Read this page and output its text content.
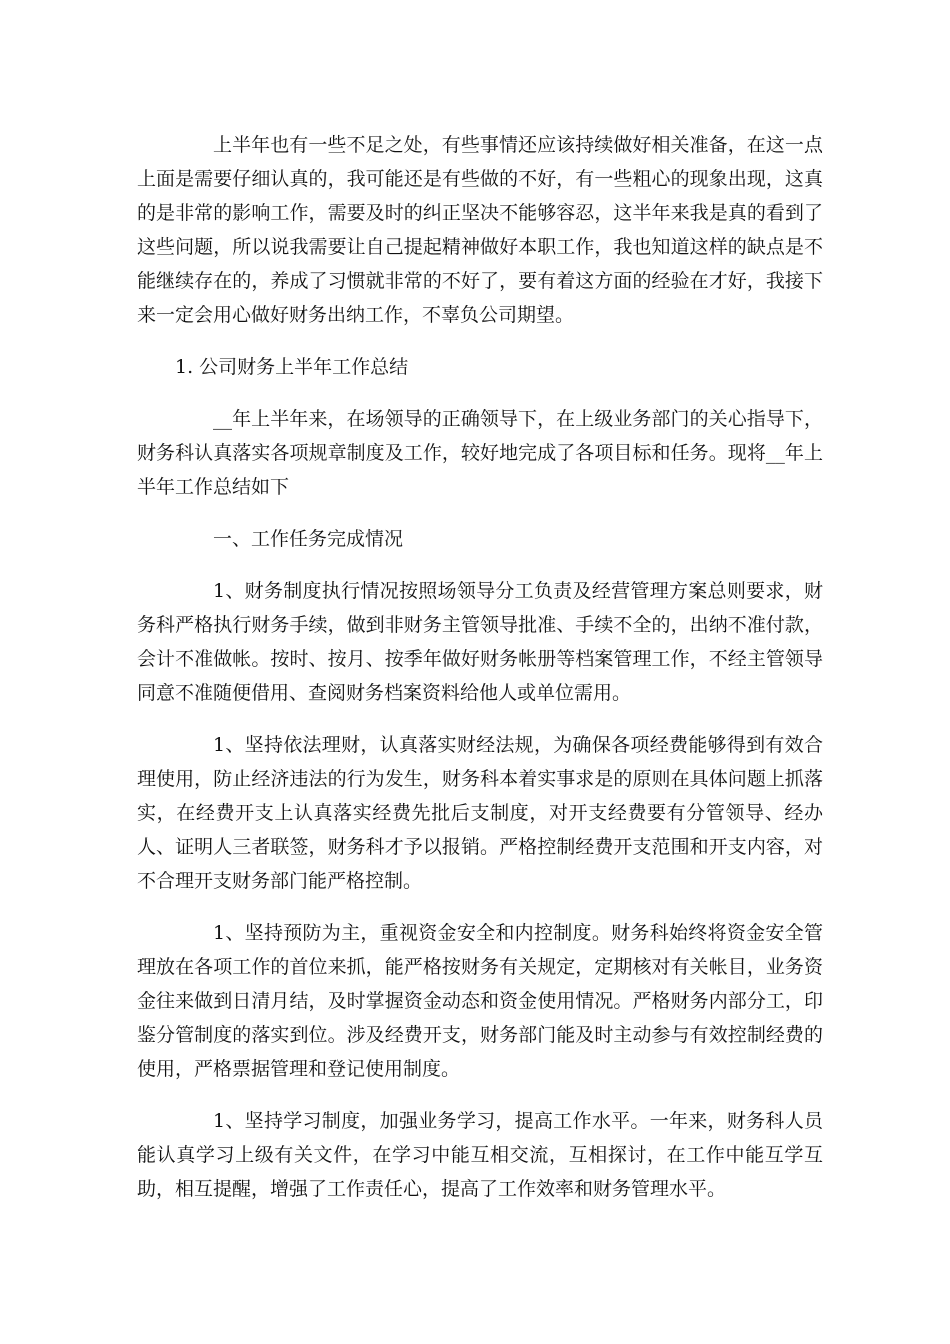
上半年也有一些不足之处，有些事情还应该持续做好相关准备，在这一点上面是需要仔细认真的，我可能还是有些做的不好，有一些粗心的现象出现，这真的是非常的影响工作，需要及时的纠正坚决不能够容忍，这半年来我是真的看到了这些问题，所以说我需要让自己提起精神做好本职工作，我也知道这样的缺点是不能继续存在的，养成了习惯就非常的不好了，要有着这方面的经验在才好，我接下来一定会用心做好财务出纳工作，不辜负公司期望。

1. 公司财务上半年工作总结

__年上半年来，在场领导的正确领导下，在上级业务部门的关心指导下，财务科认真落实各项规章制度及工作，较好地完成了各项目标和任务。现将__年上半年工作总结如下

一、工作任务完成情况

1、财务制度执行情况按照场领导分工负责及经营管理方案总则要求，财务科严格执行财务手续，做到非财务主管领导批准、手续不全的，出纳不准付款，会计不准做帐。按时、按月、按季年做好财务帐册等档案管理工作，不经主管领导同意不准随便借用、查阅财务档案资料给他人或单位需用。

1、坚持依法理财，认真落实财经法规，为确保各项经费能够得到有效合理使用，防止经济违法的行为发生，财务科本着实事求是的原则在具体问题上抓落实，在经费开支上认真落实经费先批后支制度，对开支经费要有分管领导、经办人、证明人三者联签，财务科才予以报销。严格控制经费开支范围和开支内容，对不合理开支财务部门能严格控制。

1、坚持预防为主，重视资金安全和内控制度。财务科始终将资金安全管理放在各项工作的首位来抓，能严格按财务有关规定，定期核对有关帐目，业务资金往来做到日清月结，及时掌握资金动态和资金使用情况。严格财务内部分工，印鉴分管制度的落实到位。涉及经费开支，财务部门能及时主动参与有效控制经费的使用，严格票据管理和登记使用制度。

1、坚持学习制度，加强业务学习，提高工作水平。一年来，财务科人员能认真学习上级有关文件，在学习中能互相交流，互相探讨，在工作中能互学互助，相互提醒，增强了工作责任心，提高了工作效率和财务管理水平。
